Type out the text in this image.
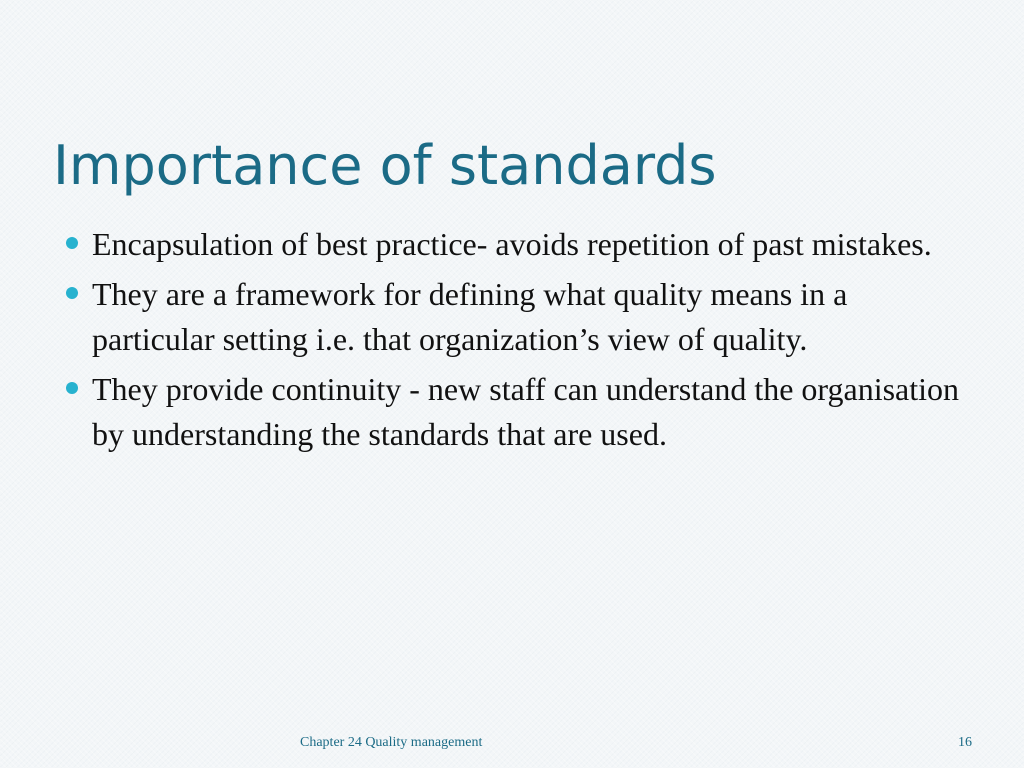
Importance of standards
Encapsulation of best practice- avoids repetition of past mistakes.
They are a framework for defining what quality means in a particular setting i.e. that organization’s view of quality.
They provide continuity - new staff can understand the organisation by understanding the standards that are used.
Chapter 24 Quality management	16
